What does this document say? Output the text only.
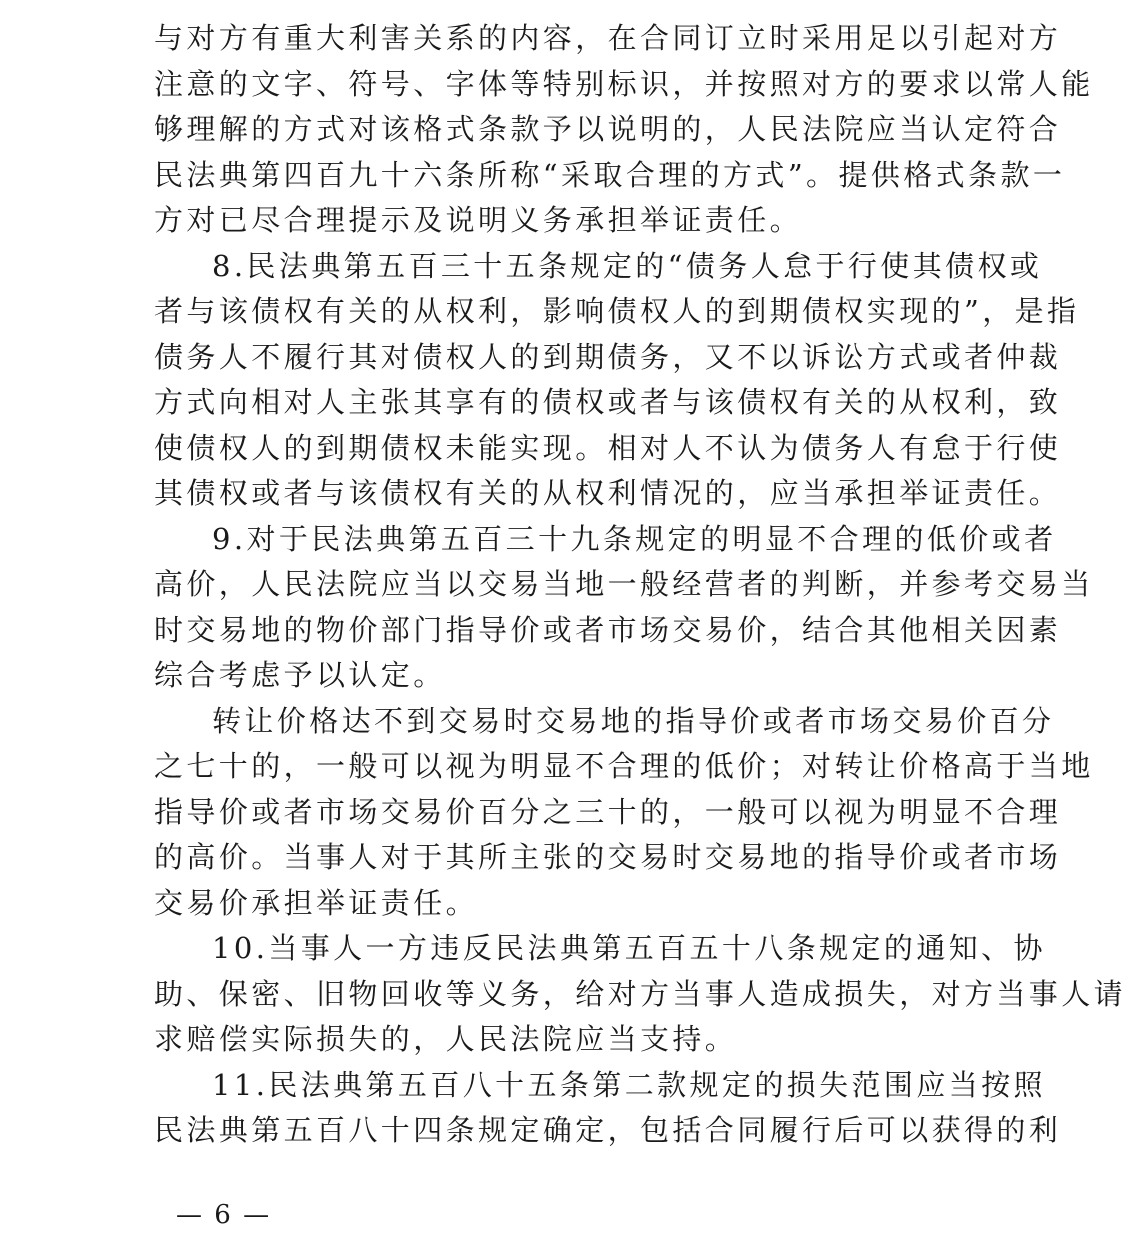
与对方有重大利害关系的内容，在合同订立时采用足以引起对方
注意的文字、符号、字体等特别标识，并按照对方的要求以常人能
够理解的方式对该格式条款予以说明的，人民法院应当认定符合
民法典第四百九十六条所称“采取合理的方式”。提供格式条款一
方对已尽合理提示及说明义务承担举证责任。
8.民法典第五百三十五条规定的“债务人怠于行使其债权或
者与该债权有关的从权利，影响债权人的到期债权实现的”，是指
债务人不履行其对债权人的到期债务，又不以诉讼方式或者仲裁
方式向相对人主张其享有的债权或者与该债权有关的从权利，致
使债权人的到期债权未能实现。相对人不认为债务人有怠于行使
其债权或者与该债权有关的从权利情况的，应当承担举证责任。
9.对于民法典第五百三十九条规定的明显不合理的低价或者
高价，人民法院应当以交易当地一般经营者的判断，并参考交易当
时交易地的物价部门指导价或者市场交易价，结合其他相关因素
综合考虑予以认定。
转让价格达不到交易时交易地的指导价或者市场交易价百分
之七十的，一般可以视为明显不合理的低价；对转让价格高于当地
指导价或者市场交易价百分之三十的，一般可以视为明显不合理
的高价。当事人对于其所主张的交易时交易地的指导价或者市场
交易价承担举证责任。
10.当事人一方违反民法典第五百五十八条规定的通知、协
助、保密、旧物回收等义务，给对方当事人造成损失，对方当事人请
求赔偿实际损失的，人民法院应当支持。
11.民法典第五百八十五条第二款规定的损失范围应当按照
民法典第五百八十四条规定确定，包括合同履行后可以获得的利
— 6 —
